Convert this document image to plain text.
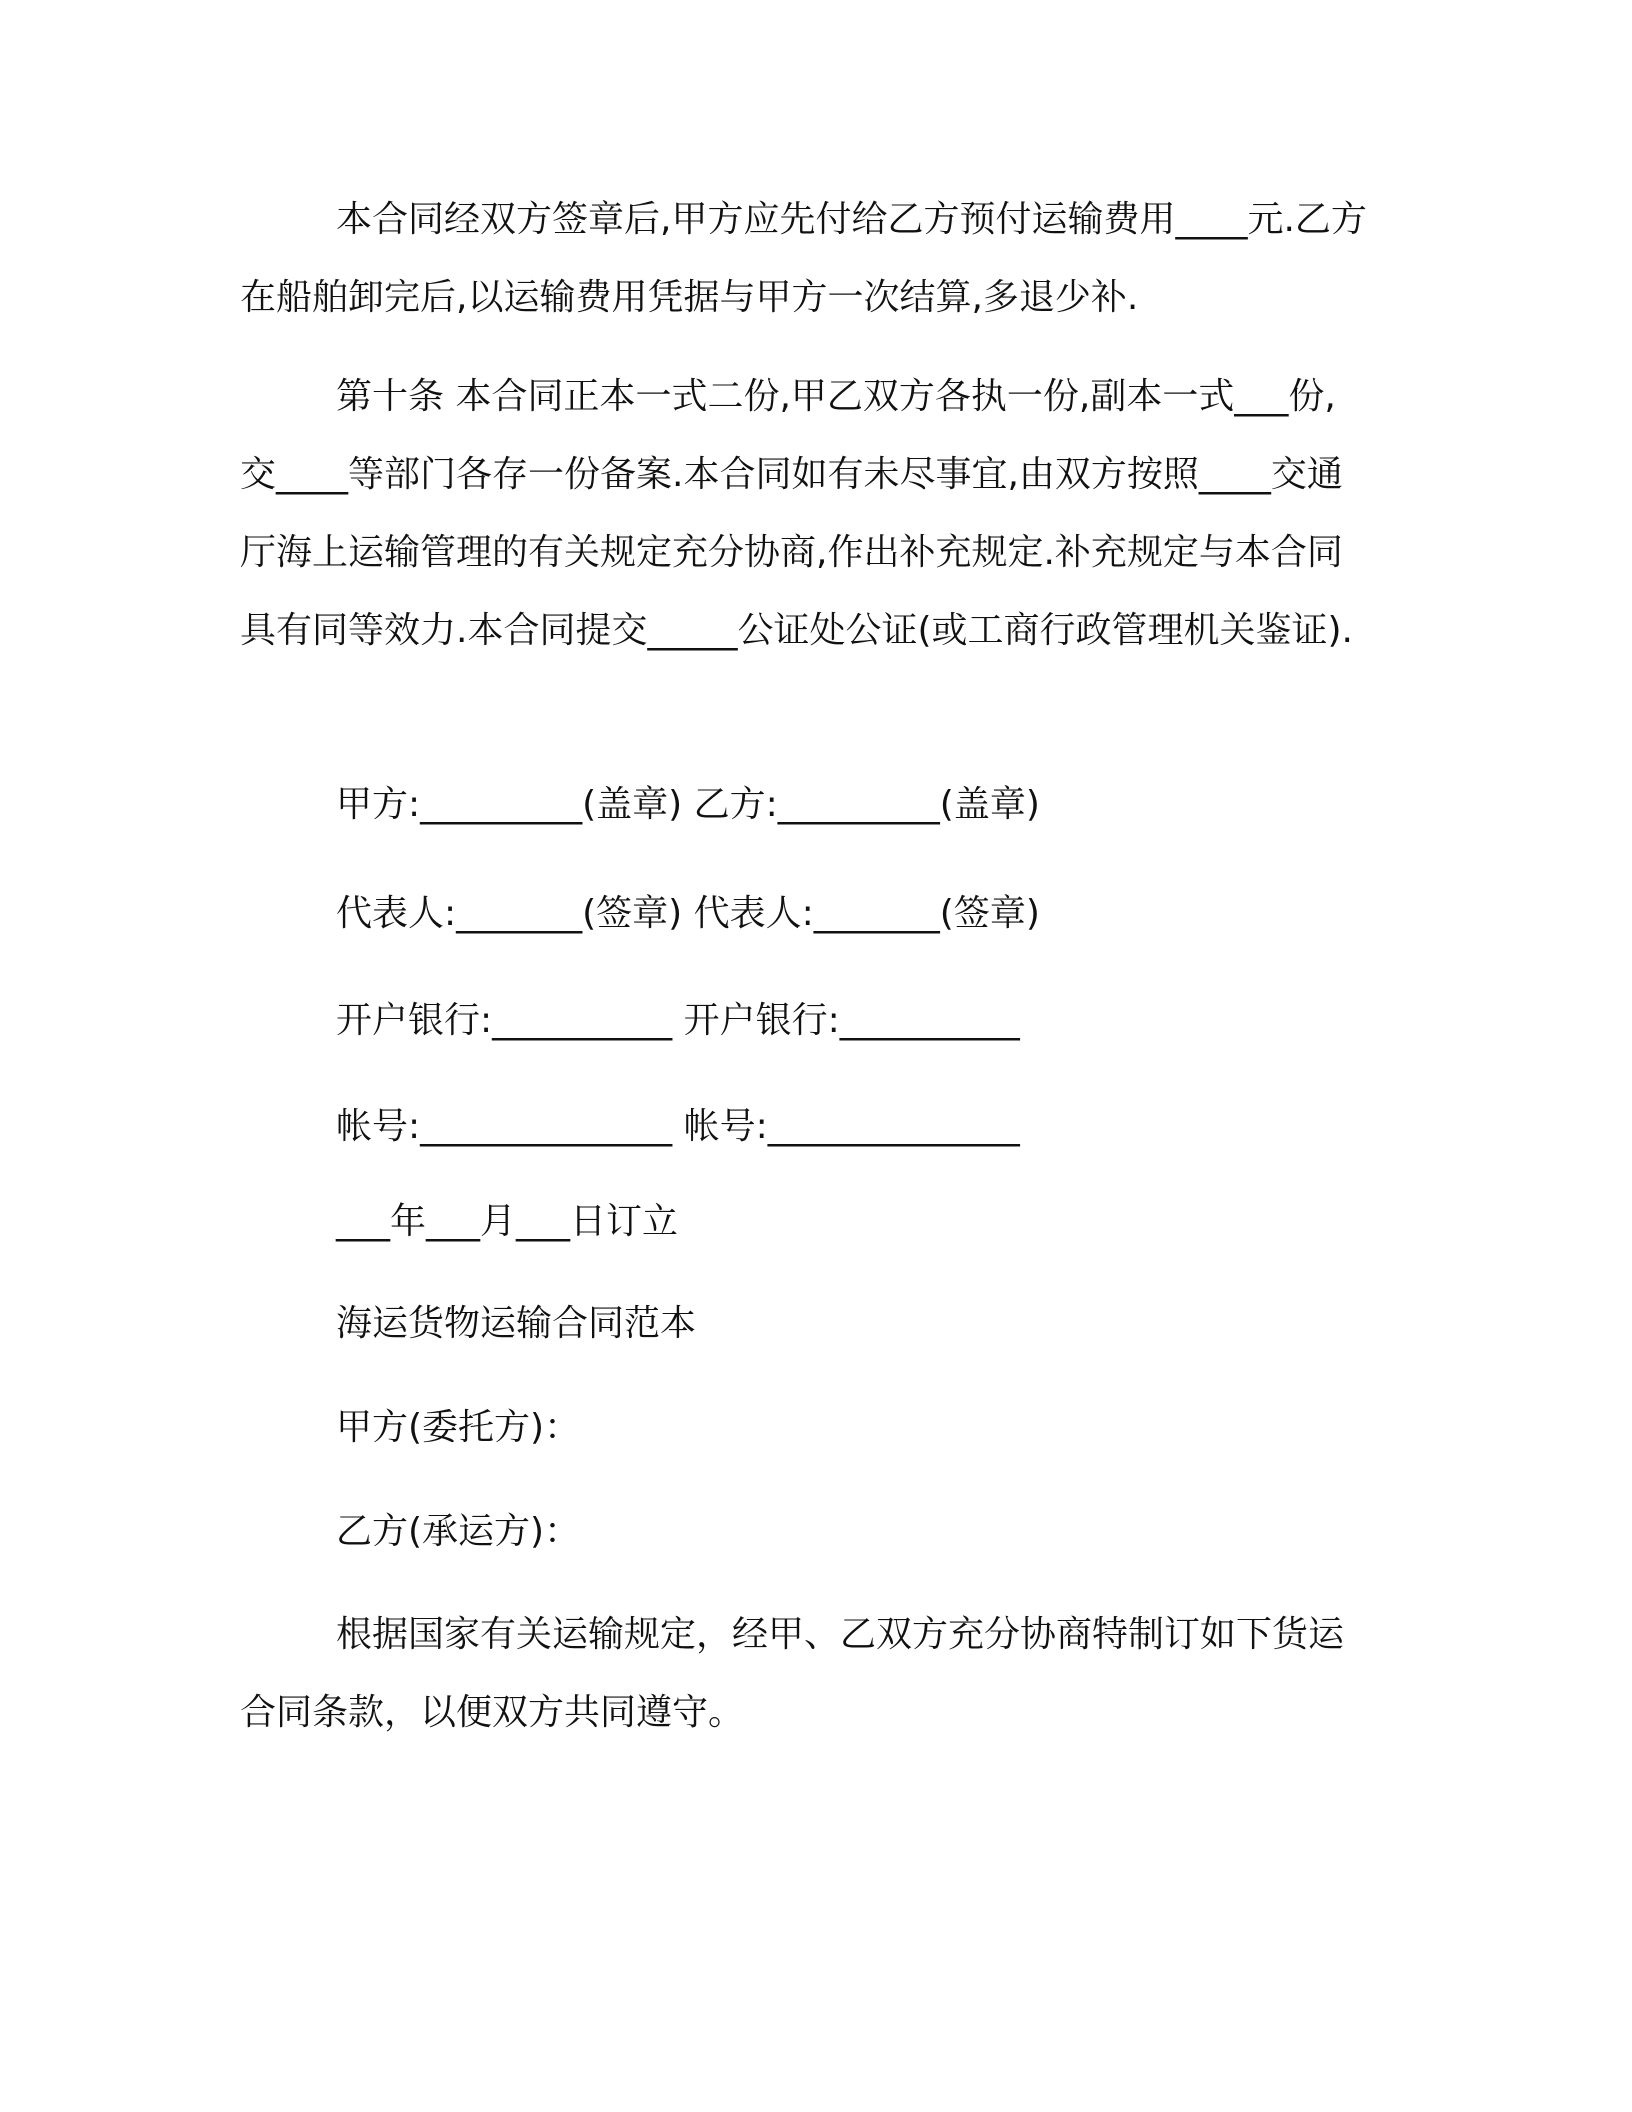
本合同经双方签章后,甲方应先付给乙方预付运输费用____元.乙方在船舶卸完后,以运输费用凭据与甲方一次结算,多退少补.

第十条 本合同正本一式二份,甲乙双方各执一份,副本一式___份,交____等部门各存一份备案.本合同如有未尽事宜,由双方按照____交通厅海上运输管理的有关规定充分协商,作出补充规定.补充规定与本合同具有同等效力.本合同提交_____公证处公证(或工商行政管理机关鉴证).

甲方:_________(盖章) 乙方:_________(盖章)

代表人:_______(签章) 代表人:_______(签章)

开户银行:__________ 开户银行:__________

帐号:______________ 帐号:______________

___年___月___日订立

海运货物运输合同范本

甲方(委托方)：

乙方(承运方)：

根据国家有关运输规定，经甲、乙双方充分协商特制订如下货运合同条款，以便双方共同遵守。
